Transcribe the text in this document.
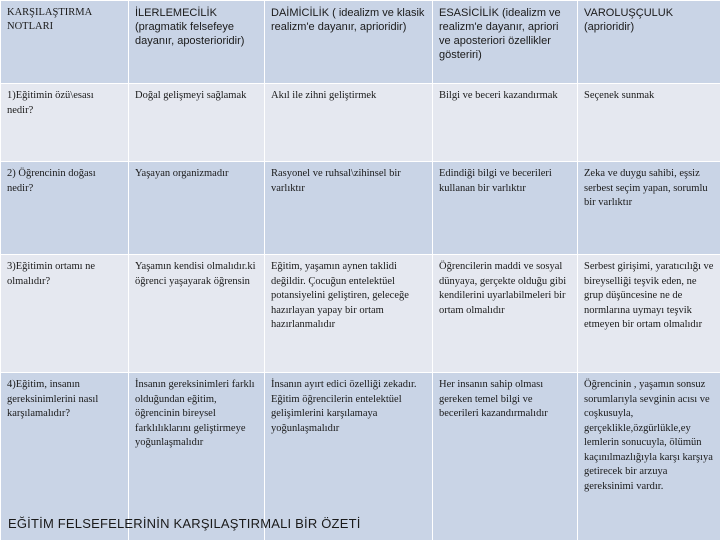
KARŞILAŞTIRMA NOTLARI	İLERLEMECİLİK (pragmatik felsefeye dayanır, aposterioridir)	DAİMİCİLİK ( idealizm ve klasik realizm'e dayanır, aprioridir)	ESASİCİLİK (idealizm ve realizm'e dayanır, apriori ve aposteriori özellikler gösteriri)	VAROLUŞÇULUK (aprioridir)
1)Eğitimin özü\esası nedir?	Doğal gelişmeyi sağlamak	Akıl ile zihni geliştirmek	Bilgi ve beceri kazandırmak	Seçenek sunmak
2) Öğrencinin doğası nedir?	Yaşayan organizmadır	Rasyonel ve ruhsal\zihinsel bir varlıktır	Edindiği bilgi ve becerileri kullanan bir varlıktır	Zeka ve duygu sahibi, eşsiz serbest seçim yapan, sorumlu bir varlıktır
3)Eğitimin ortamı ne olmalıdır?	Yaşamın kendisi olmalıdır.ki öğrenci yaşayarak öğrensin	Eğitim, yaşamın aynen taklidi değildir. Çocuğun entelektüel potansiyelini geliştiren, geleceğe hazırlayan yapay bir ortam hazırlanmalıdır	Öğrencilerin maddi ve sosyal dünyaya, gerçekte olduğu gibi kendilerini uyarlabilmeleri bir ortam olmalıdır	Serbest girişimi, yaratıcılığı ve bireyselliği teşvik eden, ne grup düşüncesine ne de normlarına uymayı teşvik etmeyen bir ortam olmalıdır
4)Eğitim, insanın gereksinimlerini nasıl karşılamalıdır?	İnsanın gereksinimleri farklı olduğundan eğitim, öğrencinin bireysel farklılıklarını geliştirmeye yoğunlaşmalıdır	İnsanın ayırt edici özelliği zekadır. Eğitim öğrencilerin entelektüel gelişimlerini karşılamaya yoğunlaşmalıdır	Her insanın sahip olması gereken temel bilgi ve becerileri kazandırmalıdır	Öğrencinin , yaşamın sonsuz sorumlarıyla sevginin acısı ve coşkusuyla, gerçeklikle,özgürlükle,ey lemlerin sonucuyla, ölümün kaçınılmazlığıyla karşı karşıya getirecek bir arzuya gereksinimi vardır.
EĞİTİM FELSEFELERİNİN KARŞILAŞTIRMALI BİR ÖZETİ
